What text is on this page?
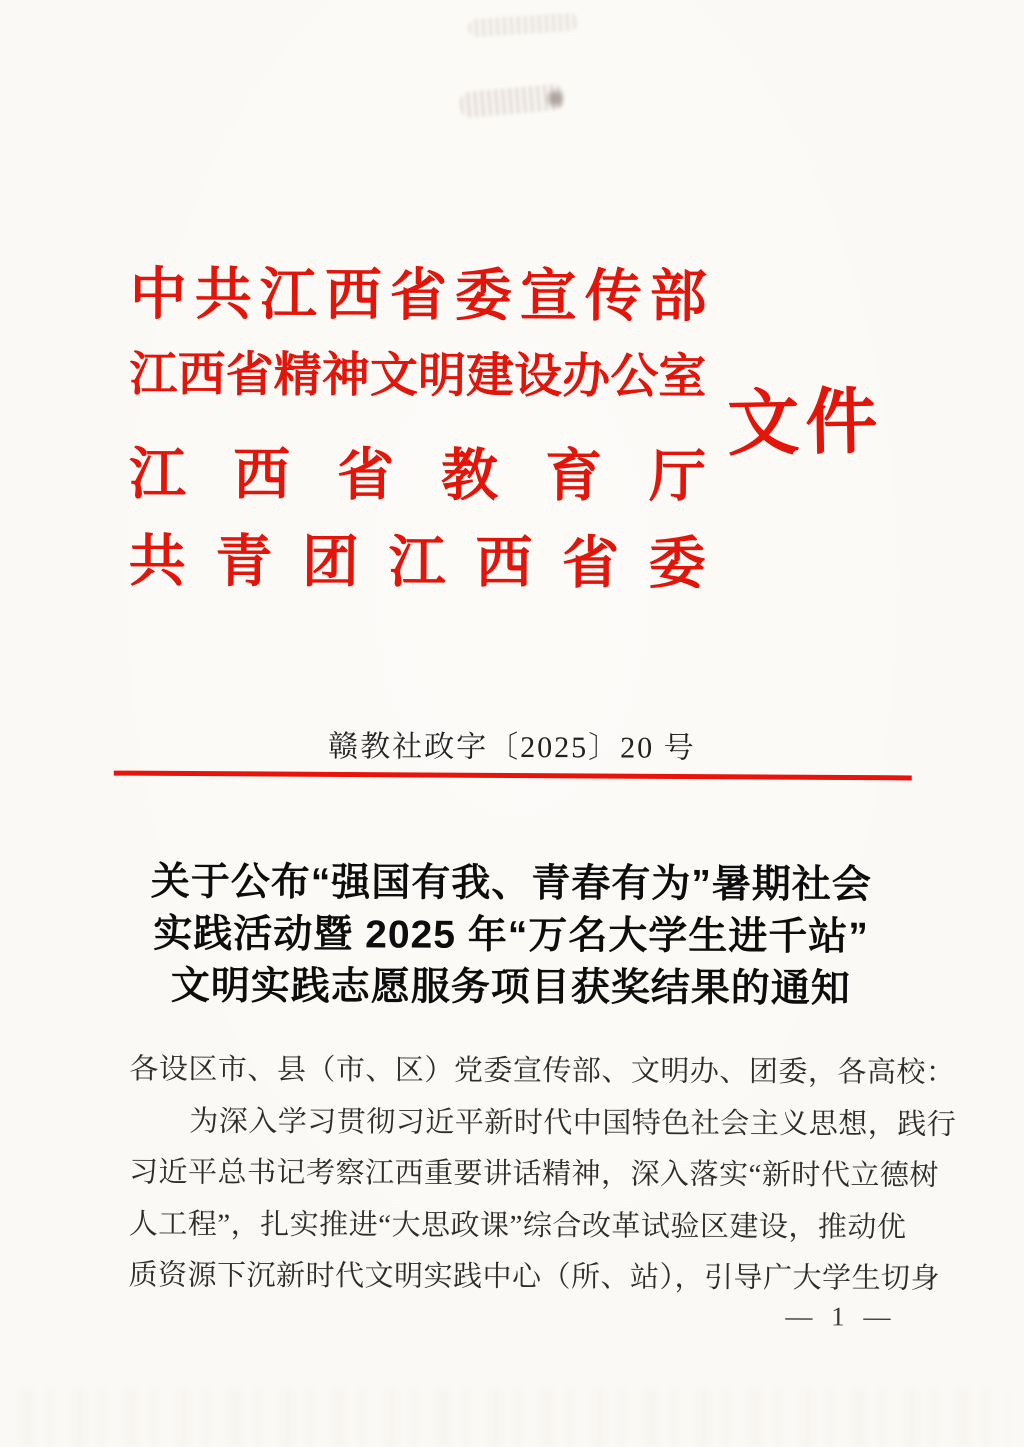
中 共 江 西 省 委 宣 传 部
江 西 省 精 神 文 明 建 设 办 公 室
江 西 省 教 育 厅
共 青 团 江 西 省 委
文件
赣教社政字〔2025〕20 号
关于公布“强国有我、青春有为”暑期社会
实践活动暨 2025 年“万名大学生进千站”
文明实践志愿服务项目获奖结果的通知
各设区市、县（市、区）党委宣传部、文明办、团委，各高校：
为深入学习贯彻习近平新时代中国特色社会主义思想，践行
习近平总书记考察江西重要讲话精神，深入落实“新时代立德树
人工程”，扎实推进“大思政课”综合改革试验区建设，推动优
质资源下沉新时代文明实践中心（所、站），引导广大学生切身
— 1 —
